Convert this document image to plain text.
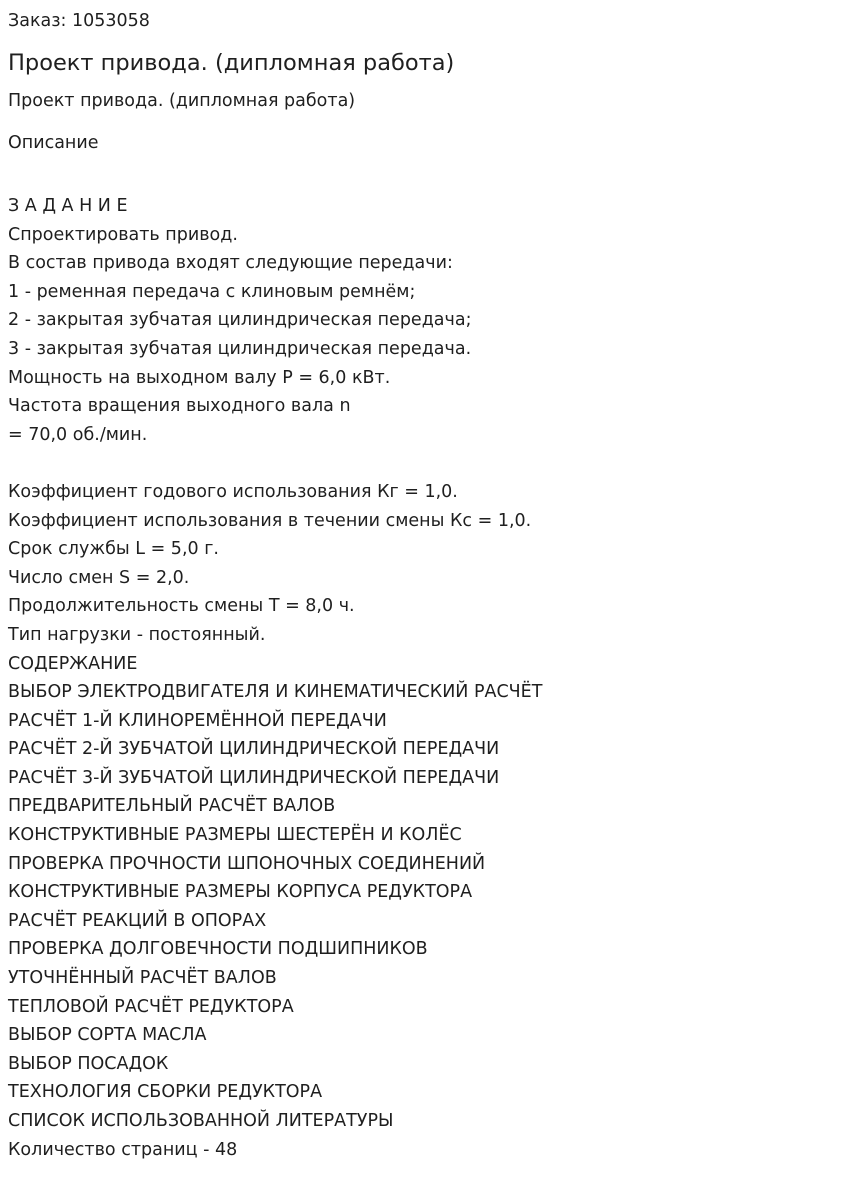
Заказ: 1053058
Проект привода. (дипломная работа)
Проект привода. (дипломная работа)
Описание
З А Д А Н И Е
Спроектировать привод.
В состав привода входят следующие передачи:
1 - ременная передача с клиновым ремнём;
2 - закрытая зубчатая цилиндрическая передача;
3 - закрытая зубчатая цилиндрическая передача.
Мощность на выходном валу P = 6,0 кВт.
Частота вращения выходного вала n
= 70,0 об./мин.
Коэффициент годового использования Кг = 1,0.
Коэффициент использования в течении смены Кс = 1,0.
Срок службы L = 5,0 г.
Число смен S = 2,0.
Продолжительность смены T = 8,0 ч.
Тип нагрузки - постоянный.
СОДЕРЖАНИЕ
ВЫБОР ЭЛЕКТРОДВИГАТЕЛЯ И КИНЕМАТИЧЕСКИЙ РАСЧЁТ
РАСЧЁТ 1-Й КЛИНОРЕМЁННОЙ ПЕРЕДАЧИ
РАСЧЁТ 2-Й ЗУБЧАТОЙ ЦИЛИНДРИЧЕСКОЙ ПЕРЕДАЧИ
РАСЧЁТ 3-Й ЗУБЧАТОЙ ЦИЛИНДРИЧЕСКОЙ ПЕРЕДАЧИ
ПРЕДВАРИТЕЛЬНЫЙ РАСЧЁТ ВАЛОВ
КОНСТРУКТИВНЫЕ РАЗМЕРЫ ШЕСТЕРЁН И КОЛЁС
ПРОВЕРКА ПРОЧНОСТИ ШПОНОЧНЫХ СОЕДИНЕНИЙ
КОНСТРУКТИВНЫЕ РАЗМЕРЫ КОРПУСА РЕДУКТОРА
РАСЧЁТ РЕАКЦИЙ В ОПОРАХ
ПРОВЕРКА ДОЛГОВЕЧНОСТИ ПОДШИПНИКОВ
УТОЧНЁННЫЙ РАСЧЁТ ВАЛОВ
ТЕПЛОВОЙ РАСЧЁТ РЕДУКТОРА
ВЫБОР СОРТА МАСЛА
ВЫБОР ПОСАДОК
ТЕХНОЛОГИЯ СБОРКИ РЕДУКТОРА
СПИСОК ИСПОЛЬЗОВАННОЙ ЛИТЕРАТУРЫ
Количество страниц - 48
